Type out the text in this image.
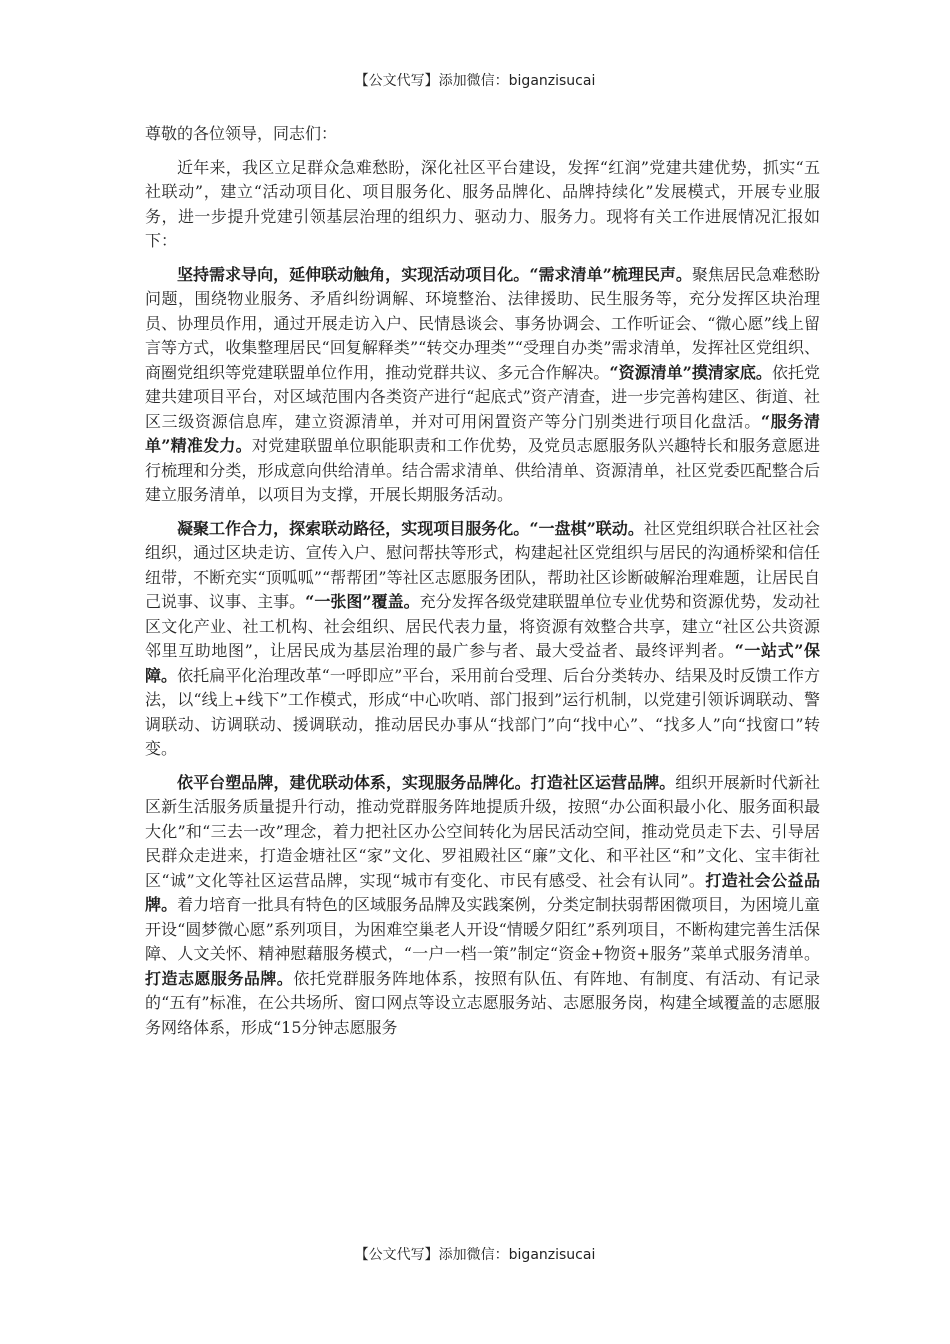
【公文代写】添加微信：biganzisucai

尊敬的各位领导，同志们：

近年来，我区立足群众急难愁盼，深化社区平台建设，发挥“红润”党建共建优势，抓实“五社联动”，建立“活动项目化、项目服务化、服务品牌化、品牌持续化”发展模式，开展专业服务，进一步提升党建引领基层治理的组织力、驱动力、服务力。现将有关工作进展情况汇报如下：

坚持需求导向，延伸联动触角，实现活动项目化。“需求清单”梳理民声。聚焦居民急难愁盼问题，围绕物业服务、矛盾纠纷调解、环境整治、法律援助、民生服务等，充分发挥区块治理员、协理员作用，通过开展走访入户、民情恳谈会、事务协调会、工作听证会、“微心愿”线上留言等方式，收集整理居民“回复解释类”“转交办理类”“受理自办类”需求清单，发挥社区党组织、商圈党组织等党建联盟单位作用，推动党群共议、多元合作解决。“资源清单”摸清家底。依托党建共建项目平台，对区域范围内各类资产进行“起底式”资产清查，进一步完善构建区、街道、社区三级资源信息库，建立资源清单，并对可用闲置资产等分门别类进行项目化盘活。“服务清单”精准发力。对党建联盟单位职能职责和工作优势，及党员志愿服务队兴趣特长和服务意愿进行梳理和分类，形成意向供给清单。结合需求清单、供给清单、资源清单，社区党委匹配整合后建立服务清单，以项目为支撑，开展长期服务活动。

凝聚工作合力，探索联动路径，实现项目服务化。“一盘棋”联动。社区党组织联合社区社会组织，通过区块走访、宣传入户、慰问帮扶等形式，构建起社区党组织与居民的沟通桥梁和信任纽带，不断充实“顶呱呱”“帮帮团”等社区志愿服务团队，帮助社区诊断破解治理难题，让居民自己说事、议事、主事。“一张图”覆盖。充分发挥各级党建联盟单位专业优势和资源优势，发动社区文化产业、社工机构、社会组织、居民代表力量，将资源有效整合共享，建立“社区公共资源邻里互助地图”，让居民成为基层治理的最广参与者、最大受益者、最终评判者。“一站式”保障。依托扁平化治理改革“一呼即应”平台，采用前台受理、后台分类转办、结果及时反馈工作方法，以“线上+线下”工作模式，形成“中心吹哨、部门报到”运行机制，以党建引领诉调联动、警调联动、访调联动、援调联动，推动居民办事从“找部门”向“找中心”、“找多人”向“找窗口”转变。

依平台塑品牌，建优联动体系，实现服务品牌化。打造社区运营品牌。组织开展新时代新社区新生活服务质量提升行动，推动党群服务阵地提质升级，按照“办公面积最小化、服务面积最大化”和“三去一改”理念，着力把社区办公空间转化为居民活动空间，推动党员走下去、引导居民群众走进来，打造金塘社区“家”文化、罗祖殿社区“廉”文化、和平社区“和”文化、宝丰街社区“诚”文化等社区运营品牌，实现“城市有变化、市民有感受、社会有认同”。打造社会公益品牌。着力培育一批具有特色的区域服务品牌及实践案例，分类定制扶弱帮困微项目，为困境儿童开设“圆梦微心愿”系列项目，为困难空巢老人开设“情暖夕阳红”系列项目，不断构建完善生活保障、人文关怀、精神慰藉服务模式，“一户一档一策”制定“资金+物资+服务”菜单式服务清单。打造志愿服务品牌。依托党群服务阵地体系，按照有队伍、有阵地、有制度、有活动、有记录的“五有”标准，在公共场所、窗口网点等设立志愿服务站、志愿服务岗，构建全域覆盖的志愿服务网络体系，形成“15分钟志愿服务

【公文代写】添加微信：biganzisucai
